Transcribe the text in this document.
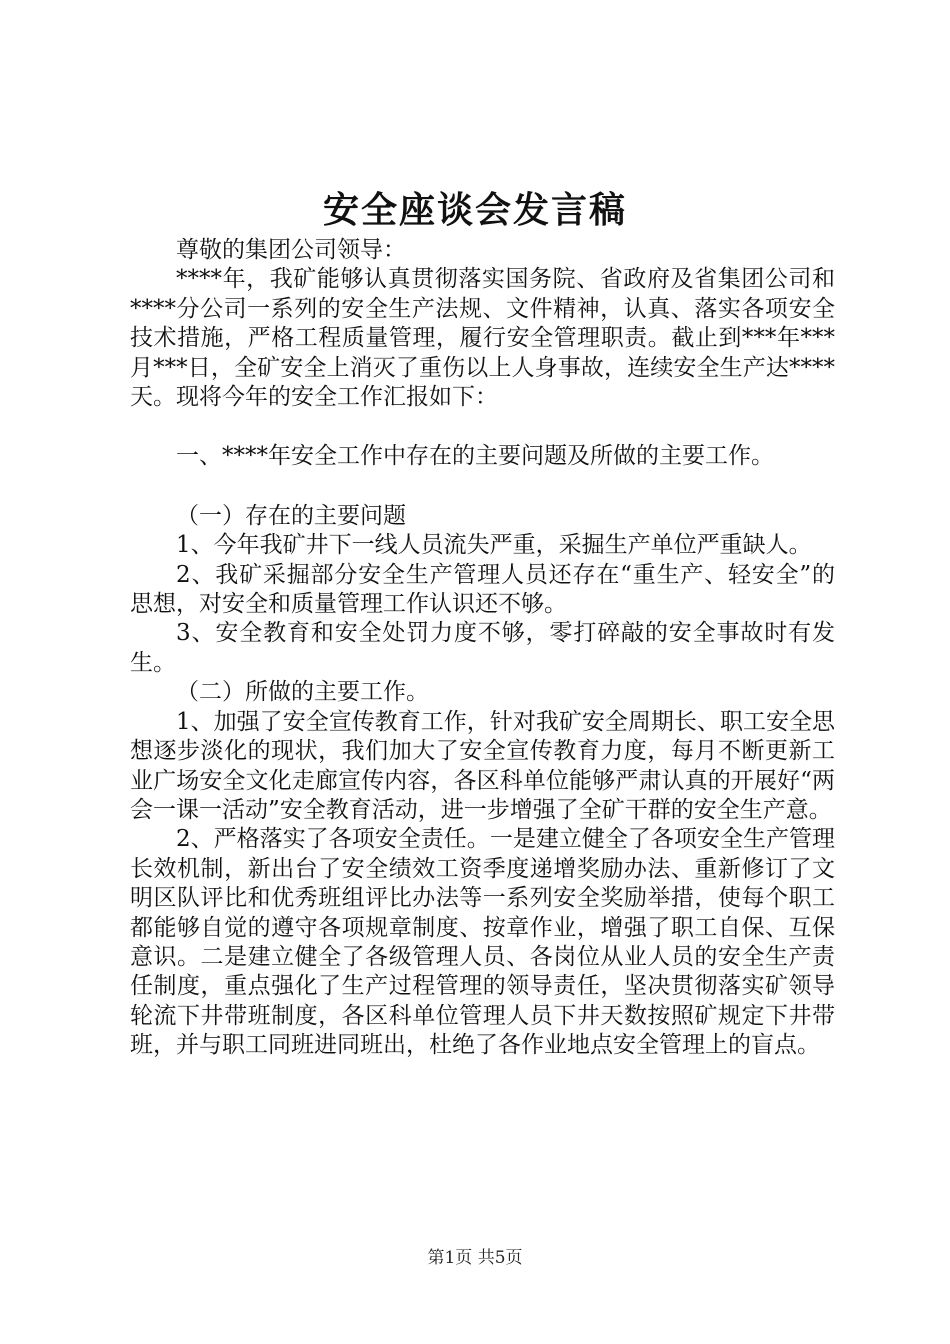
安全座谈会发言稿

尊敬的集团公司领导：

****年，我矿能够认真贯彻落实国务院、省政府及省集团公司和****分公司一系列的安全生产法规、文件精神，认真、落实各项安全技术措施，严格工程质量管理，履行安全管理职责。截止到***年***月***日，全矿安全上消灭了重伤以上人身事故，连续安全生产达****天。现将今年的安全工作汇报如下：

一、****年安全工作中存在的主要问题及所做的主要工作。

（一）存在的主要问题

1、今年我矿井下一线人员流失严重，采掘生产单位严重缺人。

2、我矿采掘部分安全生产管理人员还存在“重生产、轻安全”的思想，对安全和质量管理工作认识还不够。

3、安全教育和安全处罚力度不够，零打碎敲的安全事故时有发生。

（二）所做的主要工作。

1、加强了安全宣传教育工作，针对我矿安全周期长、职工安全思想逐步淡化的现状，我们加大了安全宣传教育力度，每月不断更新工业广场安全文化走廊宣传内容，各区科单位能够严肃认真的开展好“两会一课一活动”安全教育活动，进一步增强了全矿干群的安全生产意。

2、严格落实了各项安全责任。一是建立健全了各项安全生产管理长效机制，新出台了安全绩效工资季度递增奖励办法、重新修订了文明区队评比和优秀班组评比办法等一系列安全奖励举措，使每个职工都能够自觉的遵守各项规章制度、按章作业，增强了职工自保、互保意识。二是建立健全了各级管理人员、各岗位从业人员的安全生产责任制度，重点强化了生产过程管理的领导责任，坚决贯彻落实矿领导轮流下井带班制度，各区科单位管理人员下井天数按照矿规定下井带班，并与职工同班进同班出，杜绝了各作业地点安全管理上的盲点。

第1页 共5页
